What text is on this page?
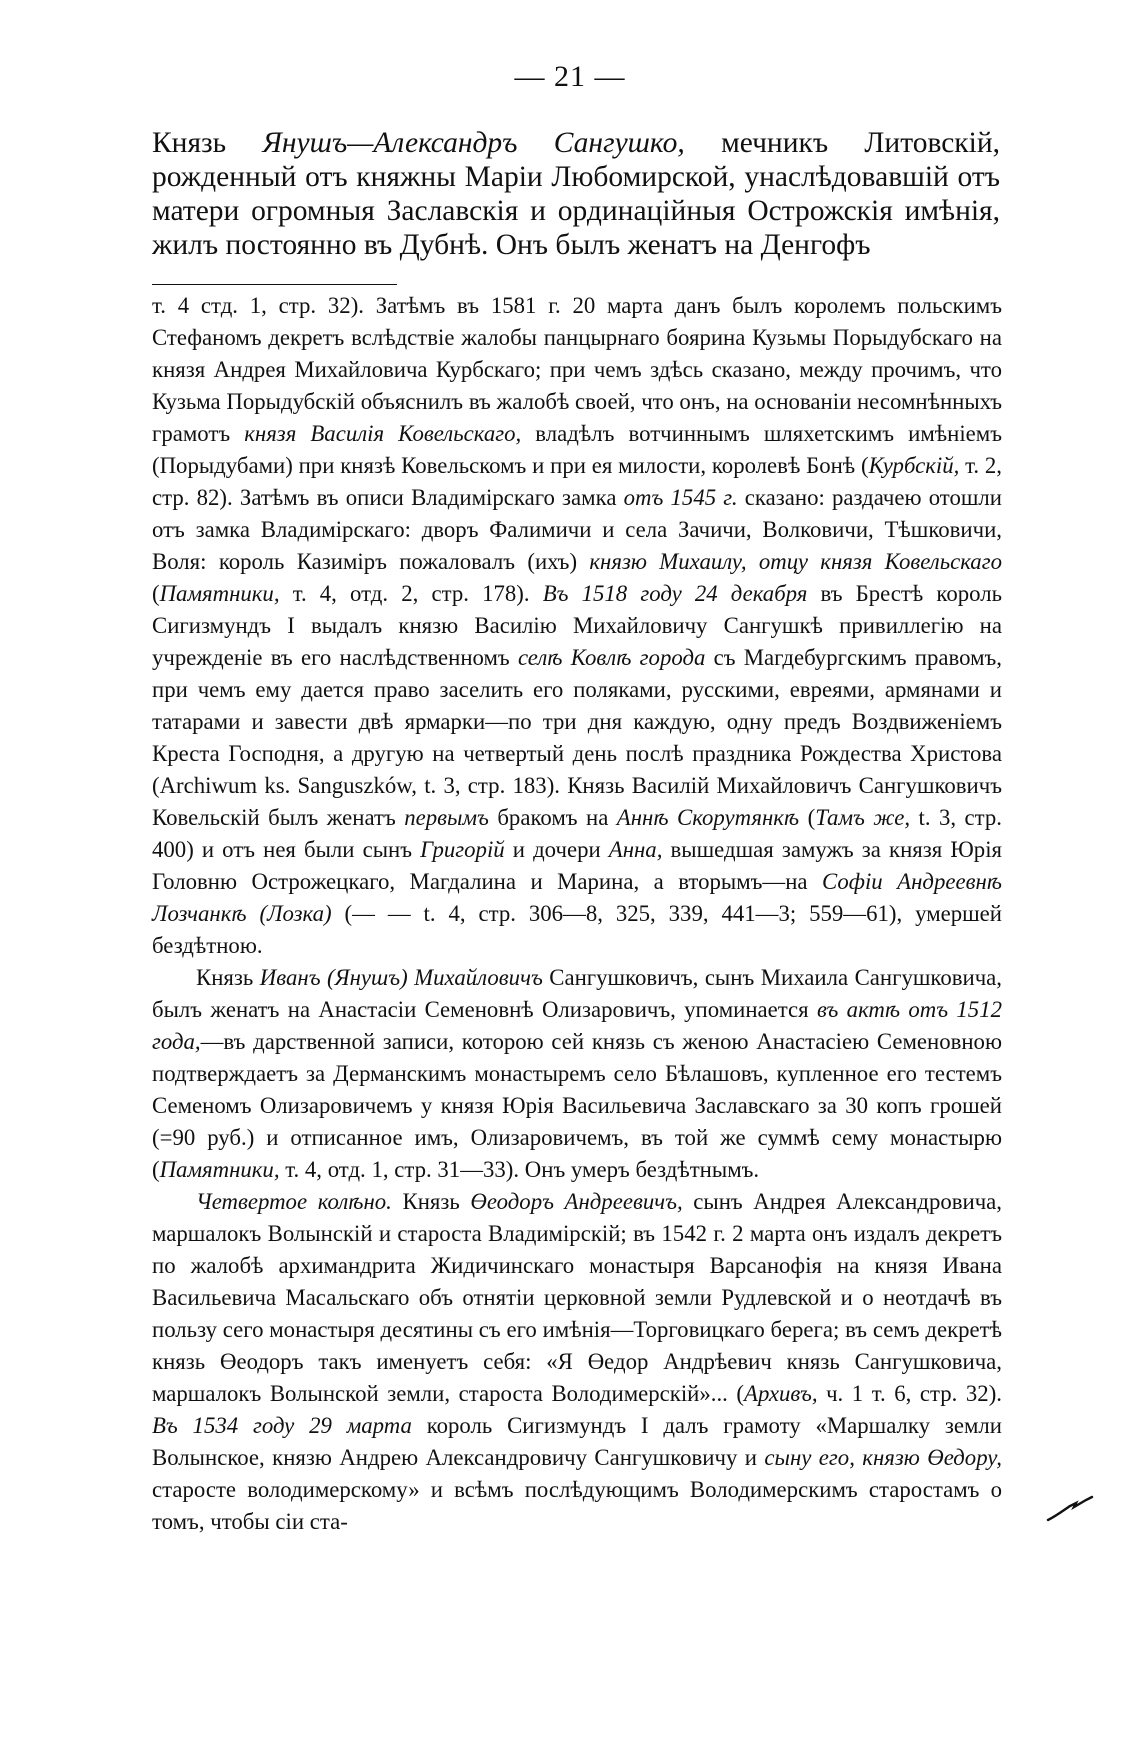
— 21 —

Князь Янушъ—Александръ Сангушко, мечникъ Литовскій, рожденный отъ княжны Маріи Любомирской, унаслѣдовавшій отъ матери огромныя Заславскія и ординаційныя Острожскія имѣнія, жилъ постоянно въ Дубнѣ. Онъ былъ женатъ на Денгофъ

т. 4 стд. 1, стр. 32). Затѣмъ въ 1581 г. 20 марта данъ былъ королемъ польскимъ Стефаномъ декретъ вслѣдствіе жалобы панцырнаго боярина Кузьмы Порыдубскаго на князя Андрея Михайловича Курбскаго; при чемъ здѣсь сказано, между прочимъ, что Кузьма Порыдубскій объяснилъ въ жалобѣ своей, что онъ, на основаніи несомнѣнныхъ грамотъ князя Василія Ковельскаго, владѣлъ вотчиннымъ шляхетскимъ имѣніемъ (Порыдубами) при князѣ Ковельскомъ и при ея милости, королевѣ Бонѣ (Курбскій, т. 2, стр. 82). Затѣмъ въ описи Владимірскаго замка отъ 1545 г. сказано: раздачею отошли отъ замка Владимірскаго: дворъ Фалимичи и села Зачичи, Волковичи, Тѣшковичи, Воля: король Казиміръ пожаловалъ (ихъ) князю Михаилу, отцу князя Ковельскаго (Памятники, т. 4, отд. 2, стр. 178). Въ 1518 году 24 декабря въ Брестѣ король Сигизмундъ I выдалъ князю Василію Михайловичу Сангушкѣ привиллегію на учрежденіе въ его наслѣдственномъ селѣ Ковлѣ города съ Магдебургскимъ правомъ, при чемъ ему дается право заселить его поляками, русскими, евреями, армянами и татарами и завести двѣ ярмарки—по три дня каждую, одну предъ Воздвиженіемъ Креста Господня, а другую на четвертый день послѣ праздника Рождества Христова (Archiwum ks. Sanguszków, t. 3, стр. 183). Князь Василій Михайловичъ Сангушковичъ Ковельскій былъ женатъ первымъ бракомъ на Аннѣ Скорутянкѣ (Тамъ же, t. 3, стр. 400) и отъ нея были сынъ Григорій и дочери Анна, вышедшая замужъ за князя Юрія Головню Острожецкаго, Магдалина и Марина, а вторымъ—на Софіи Андреевнѣ Лозчанкѣ (Лозка) (— — t. 4, стр. 306—8, 325, 339, 441—3; 559—61), умершей бездѣтною.

Князь Иванъ (Янушъ) Михайловичъ Сангушковичъ, сынъ Михаила Сангушковича, былъ женатъ на Анастасіи Семеновнѣ Олизаровичъ, упоминается въ актѣ отъ 1512 года,—въ дарственной записи, которою сей князь съ женою Анастасіею Семеновною подтверждаетъ за Дерманскимъ монастыремъ село Бѣлашовъ, купленное его тестемъ Семеномъ Олизаровичемъ у князя Юрія Васильевича Заславскаго за 30 копъ грошей (=90 руб.) и отписанное имъ, Олизаровичемъ, въ той же суммѣ сему монастырю (Памятники, т. 4, отд. 1, стр. 31—33). Онъ умеръ бездѣтнымъ.

Четвертое колѣно. Князь Өеодоръ Андреевичъ, сынъ Андрея Александровича, маршалокъ Волынскій и староста Владимірскій; въ 1542 г. 2 марта онъ издалъ декретъ по жалобѣ архимандрита Жидичинскаго монастыря Варсанофія на князя Ивана Васильевича Масальскаго объ отнятіи церковной земли Рудлевской и о неотдачѣ въ пользу сего монастыря десятины съ его имѣнія—Торговицкаго берега; въ семъ декретѣ князь Өеодоръ такъ именуетъ себя: «Я Өедор Андрѣевич князь Сангушковича, маршалокъ Волынской земли, староста Володимерскій»... (Архивъ, ч. 1 т. 6, стр. 32). Въ 1534 году 29 марта король Сигизмундъ I далъ грамоту «Маршалку земли Волынское, князю Андрею Александровичу Сангушковичу и сыну его, князю Өедору, старосте володимерскому» и всѣмъ послѣдующимъ Володимерскимъ старостамъ о томъ, чтобы сіи ста-
